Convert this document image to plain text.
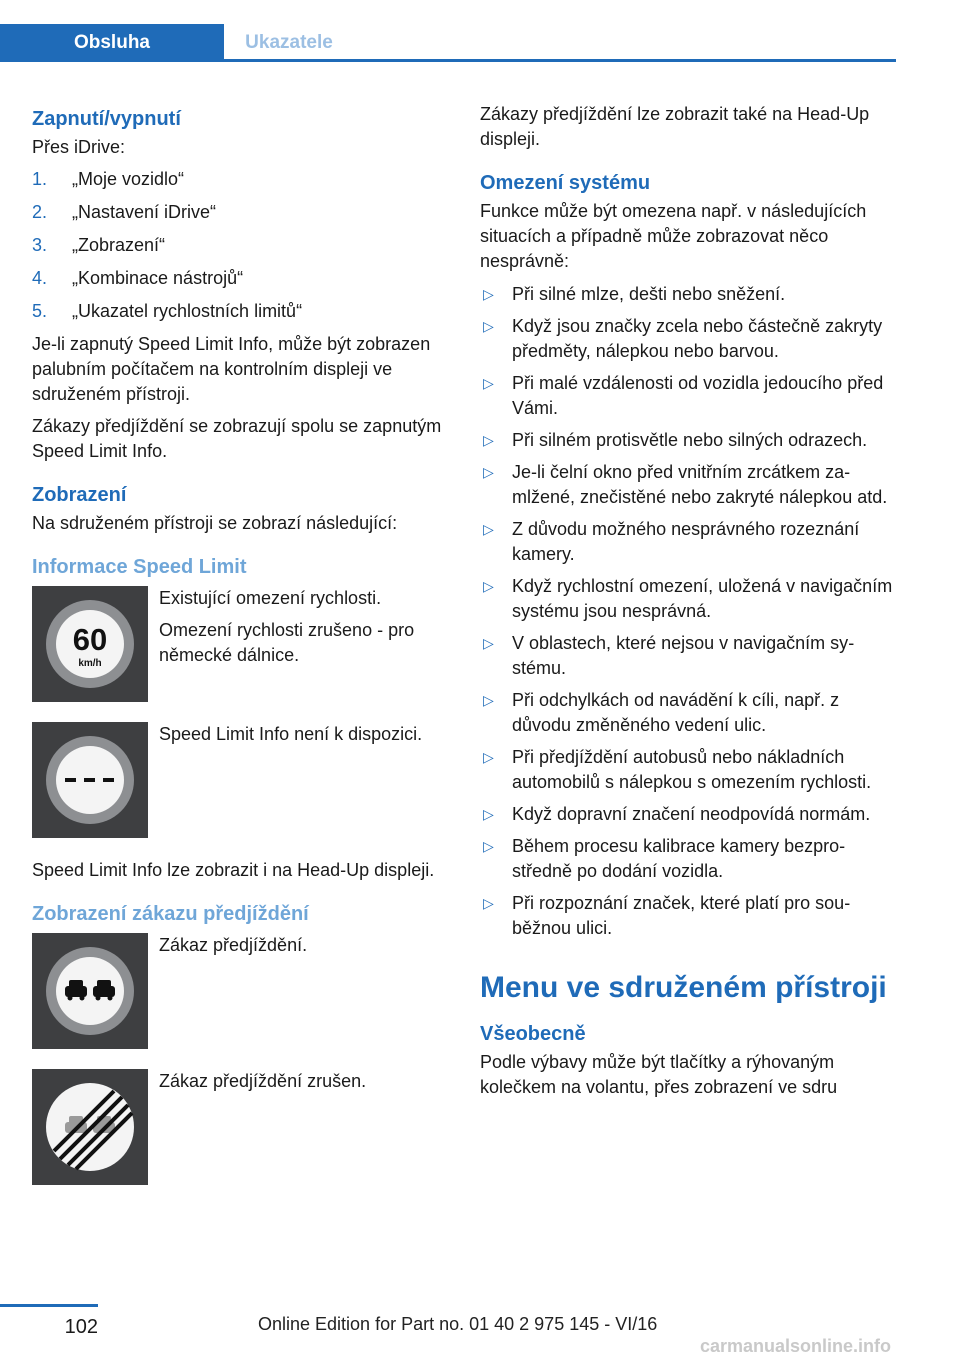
Obsluha	Ukazatele
Zapnutí/vypnutí

Přes iDrive:

1. „Moje vozidlo“
2. „Nastavení iDrive“
3. „Zobrazení“
4. „Kombinace nástrojů“
5. „Ukazatel rychlostních limitů“

Je-li zapnutý Speed Limit Info, může být zobrazen palubním počítačem na kontrolním displeji ve sdruženém přístroji.

Zákazy předjíždění se zobrazují spolu se zapnutým Speed Limit Info.

Zobrazení

Na sdruženém přístroji se zobrazí následující:

Informace Speed Limit
60
km/h

Existující omezení rychlosti.

Omezení rychlosti zrušeno - pro německé dálnice.

Speed Limit Info není k dispozici.

Speed Limit Info lze zobrazit i na Head-Up displeji.

Zobrazení zákazu předjíždění

Zákaz předjíždění.

Zákaz předjíždění zrušen.

Zákazy předjíždění lze zobrazit také na Head-Up displeji.

Omezení systému

Funkce může být omezena např. v následujících situacích a případně může zobrazovat něco nesprávně:

▷ Při silné mlze, dešti nebo sněžení.
▷ Když jsou značky zcela nebo částečně zakryty předměty, nálepkou nebo barvou.
▷ Při malé vzdálenosti od vozidla jedoucího před Vámi.
▷ Při silném protisvětle nebo silných odrazech.
▷ Je-li čelní okno před vnitřním zrcátkem zamlžené, znečistěné nebo zakryté nálepkou atd.
▷ Z důvodu možného nesprávného rozeznání kamery.
▷ Když rychlostní omezení, uložená v navigačním systému jsou nesprávná.
▷ V oblastech, které nejsou v navigačním systému.
▷ Při odchylkách od navádění k cíli, např. z důvodu změněného vedení ulic.
▷ Při předjíždění autobusů nebo nákladních automobilů s nálepkou s omezením rychlosti.
▷ Když dopravní značení neodpovídá normám.
▷ Během procesu kalibrace kamery bezprostředně po dodání vozidla.
▷ Při rozpoznání značek, které platí pro souběžnou ulici.
Menu ve sdruženém přístroji
Všeobecně

Podle výbavy může být tlačítky a rýhovaným kolečkem na volantu, přes zobrazení ve sdru

102	Online Edition for Part no. 01 40 2 975 145 - VI/16
carmanualsonline.info
